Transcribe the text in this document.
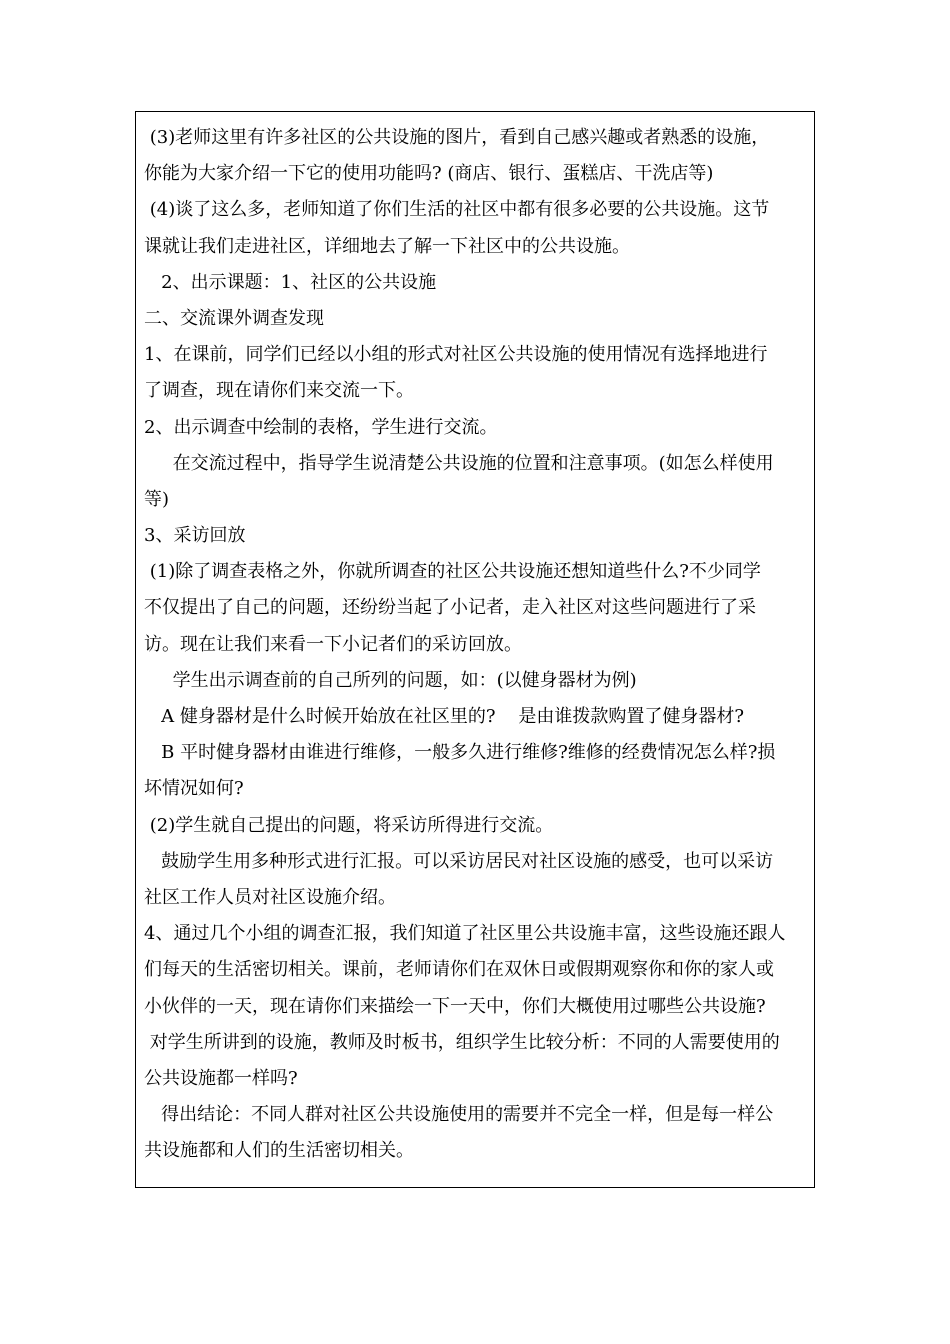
(3)老师这里有许多社区的公共设施的图片，看到自己感兴趣或者熟悉的设施，
你能为大家介绍一下它的使用功能吗? (商店、银行、蛋糕店、干洗店等)
(4)谈了这么多，老师知道了你们生活的社区中都有很多必要的公共设施。这节
课就让我们走进社区，详细地去了解一下社区中的公共设施。
2、出示课题：1、社区的公共设施
二、交流课外调查发现
1、在课前，同学们已经以小组的形式对社区公共设施的使用情况有选择地进行
了调查，现在请你们来交流一下。
2、出示调查中绘制的表格，学生进行交流。
在交流过程中，指导学生说清楚公共设施的位置和注意事项。(如怎么样使用
等)
3、采访回放
(1)除了调查表格之外，你就所调查的社区公共设施还想知道些什么?不少同学
不仅提出了自己的问题，还纷纷当起了小记者，走入社区对这些问题进行了采
访。现在让我们来看一下小记者们的采访回放。
学生出示调查前的自己所列的问题，如：(以健身器材为例)
A 健身器材是什么时候开始放在社区里的?    是由谁拨款购置了健身器材?
B 平时健身器材由谁进行维修，一般多久进行维修?维修的经费情况怎么样?损
坏情况如何?
(2)学生就自己提出的问题，将采访所得进行交流。
鼓励学生用多种形式进行汇报。可以采访居民对社区设施的感受，也可以采访
社区工作人员对社区设施介绍。
4、通过几个小组的调查汇报，我们知道了社区里公共设施丰富，这些设施还跟人
们每天的生活密切相关。课前，老师请你们在双休日或假期观察你和你的家人或
小伙伴的一天，现在请你们来描绘一下一天中，你们大概使用过哪些公共设施?
对学生所讲到的设施，教师及时板书，组织学生比较分析：不同的人需要使用的
公共设施都一样吗?
得出结论：不同人群对社区公共设施使用的需要并不完全一样，但是每一样公
共设施都和人们的生活密切相关。
